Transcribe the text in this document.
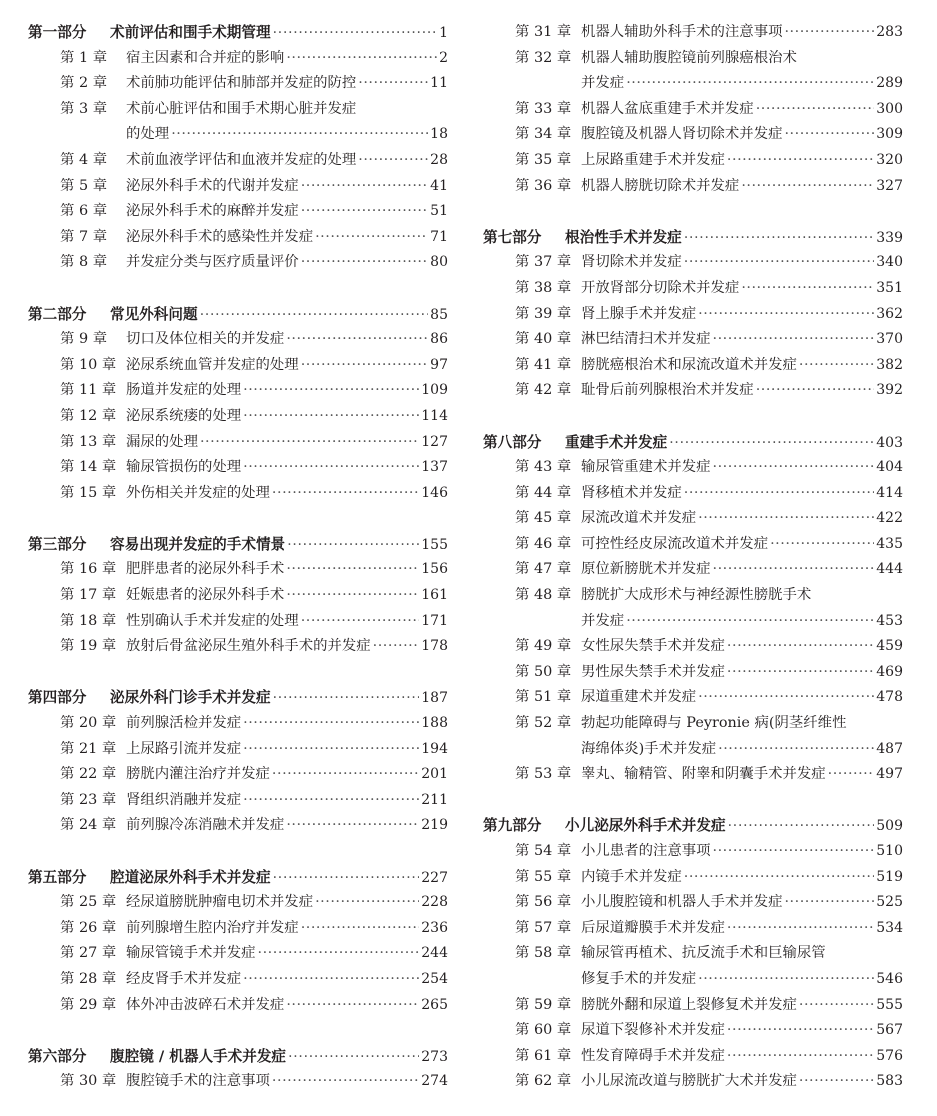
第一部分	术前评估和围手术期管理 ·····	1
第 1 章	宿主因素和合并症的影响 ·····	2
第 2 章	术前肺功能评估和肺部并发症的防控 ·····	11
第 3 章	术前心脏评估和围手术期心脏并发症
的处理 ·····	18
第 4 章	术前血液学评估和血液并发症的处理 ·····	28
第 5 章	泌尿外科手术的代谢并发症 ·····	41
第 6 章	泌尿外科手术的麻醉并发症 ·····	51
第 7 章	泌尿外科手术的感染性并发症 ·····	71
第 8 章	并发症分类与医疗质量评价 ·····	80
第二部分	常见外科问题 ·····	85
第 9 章	切口及体位相关的并发症 ·····	86
第 10 章 泌尿系统血管并发症的处理 ·····	97
第 11 章 肠道并发症的处理 ·····	109
第 12 章 泌尿系统瘘的处理 ·····	114
第 13 章 漏尿的处理 ·····	127
第 14 章 输尿管损伤的处理 ·····	137
第 15 章 外伤相关并发症的处理 ·····	146
第三部分	容易出现并发症的手术情景 ·····	155
第 16 章 肥胖患者的泌尿外科手术 ·····	156
第 17 章 妊娠患者的泌尿外科手术 ·····	161
第 18 章 性别确认手术并发症的处理 ·····	171
第 19 章 放射后骨盆泌尿生殖外科手术的并发症 ·····	178
第四部分	泌尿外科门诊手术并发症 ·····	187
第 20 章 前列腺活检并发症 ·····	188
第 21 章 上尿路引流并发症 ·····	194
第 22 章 膀胱内灌注治疗并发症 ·····	201
第 23 章 肾组织消融并发症 ·····	211
第 24 章 前列腺冷冻消融术并发症 ·····	219
第五部分	腔道泌尿外科手术并发症 ·····	227
第 25 章 经尿道膀胱肿瘤电切术并发症 ·····	228
第 26 章 前列腺增生腔内治疗并发症 ·····	236
第 27 章 输尿管镜手术并发症 ·····	244
第 28 章 经皮肾手术并发症 ·····	254
第 29 章 体外冲击波碎石术并发症 ·····	265
第六部分	腹腔镜 / 机器人手术并发症 ·····	273
第 30 章 腹腔镜手术的注意事项 ·····	274
第 31 章 机器人辅助外科手术的注意事项 ·····	283
第 32 章 机器人辅助腹腔镜前列腺癌根治术
并发症 ·····	289
第 33 章 机器人盆底重建手术并发症 ·····	300
第 34 章 腹腔镜及机器人肾切除术并发症 ·····	309
第 35 章 上尿路重建手术并发症 ·····	320
第 36 章 机器人膀胱切除术并发症 ·····	327
第七部分	根治性手术并发症 ·····	339
第 37 章 肾切除术并发症 ·····	340
第 38 章 开放肾部分切除术并发症 ·····	351
第 39 章 肾上腺手术并发症 ·····	362
第 40 章 淋巴结清扫术并发症 ·····	370
第 41 章 膀胱癌根治术和尿流改道术并发症 ·····	382
第 42 章 耻骨后前列腺根治术并发症 ·····	392
第八部分	重建手术并发症 ·····	403
第 43 章 输尿管重建术并发症 ·····	404
第 44 章 肾移植术并发症 ·····	414
第 45 章 尿流改道术并发症 ·····	422
第 46 章 可控性经皮尿流改道术并发症 ·····	435
第 47 章 原位新膀胱术并发症 ·····	444
第 48 章 膀胱扩大成形术与神经源性膀胱手术
并发症 ·····	453
第 49 章 女性尿失禁手术并发症 ·····	459
第 50 章 男性尿失禁手术并发症 ·····	469
第 51 章 尿道重建术并发症 ·····	478
第 52 章 勃起功能障碍与 Peyronie 病(阴茎纤维性
海绵体炎)手术并发症 ·····	487
第 53 章 睾丸、输精管、附睾和阴囊手术并发症 ·····	497
第九部分	小儿泌尿外科手术并发症 ·····	509
第 54 章 小儿患者的注意事项 ·····	510
第 55 章 内镜手术并发症 ·····	519
第 56 章 小儿腹腔镜和机器人手术并发症 ·····	525
第 57 章 后尿道瓣膜手术并发症 ·····	534
第 58 章 输尿管再植术、抗反流手术和巨输尿管
修复手术的并发症 ·····	546
第 59 章 膀胱外翻和尿道上裂修复术并发症 ·····	555
第 60 章 尿道下裂修补术并发症 ·····	567
第 61 章 性发育障碍手术并发症 ·····	576
第 62 章 小儿尿流改道与膀胱扩大术并发症 ·····	583
